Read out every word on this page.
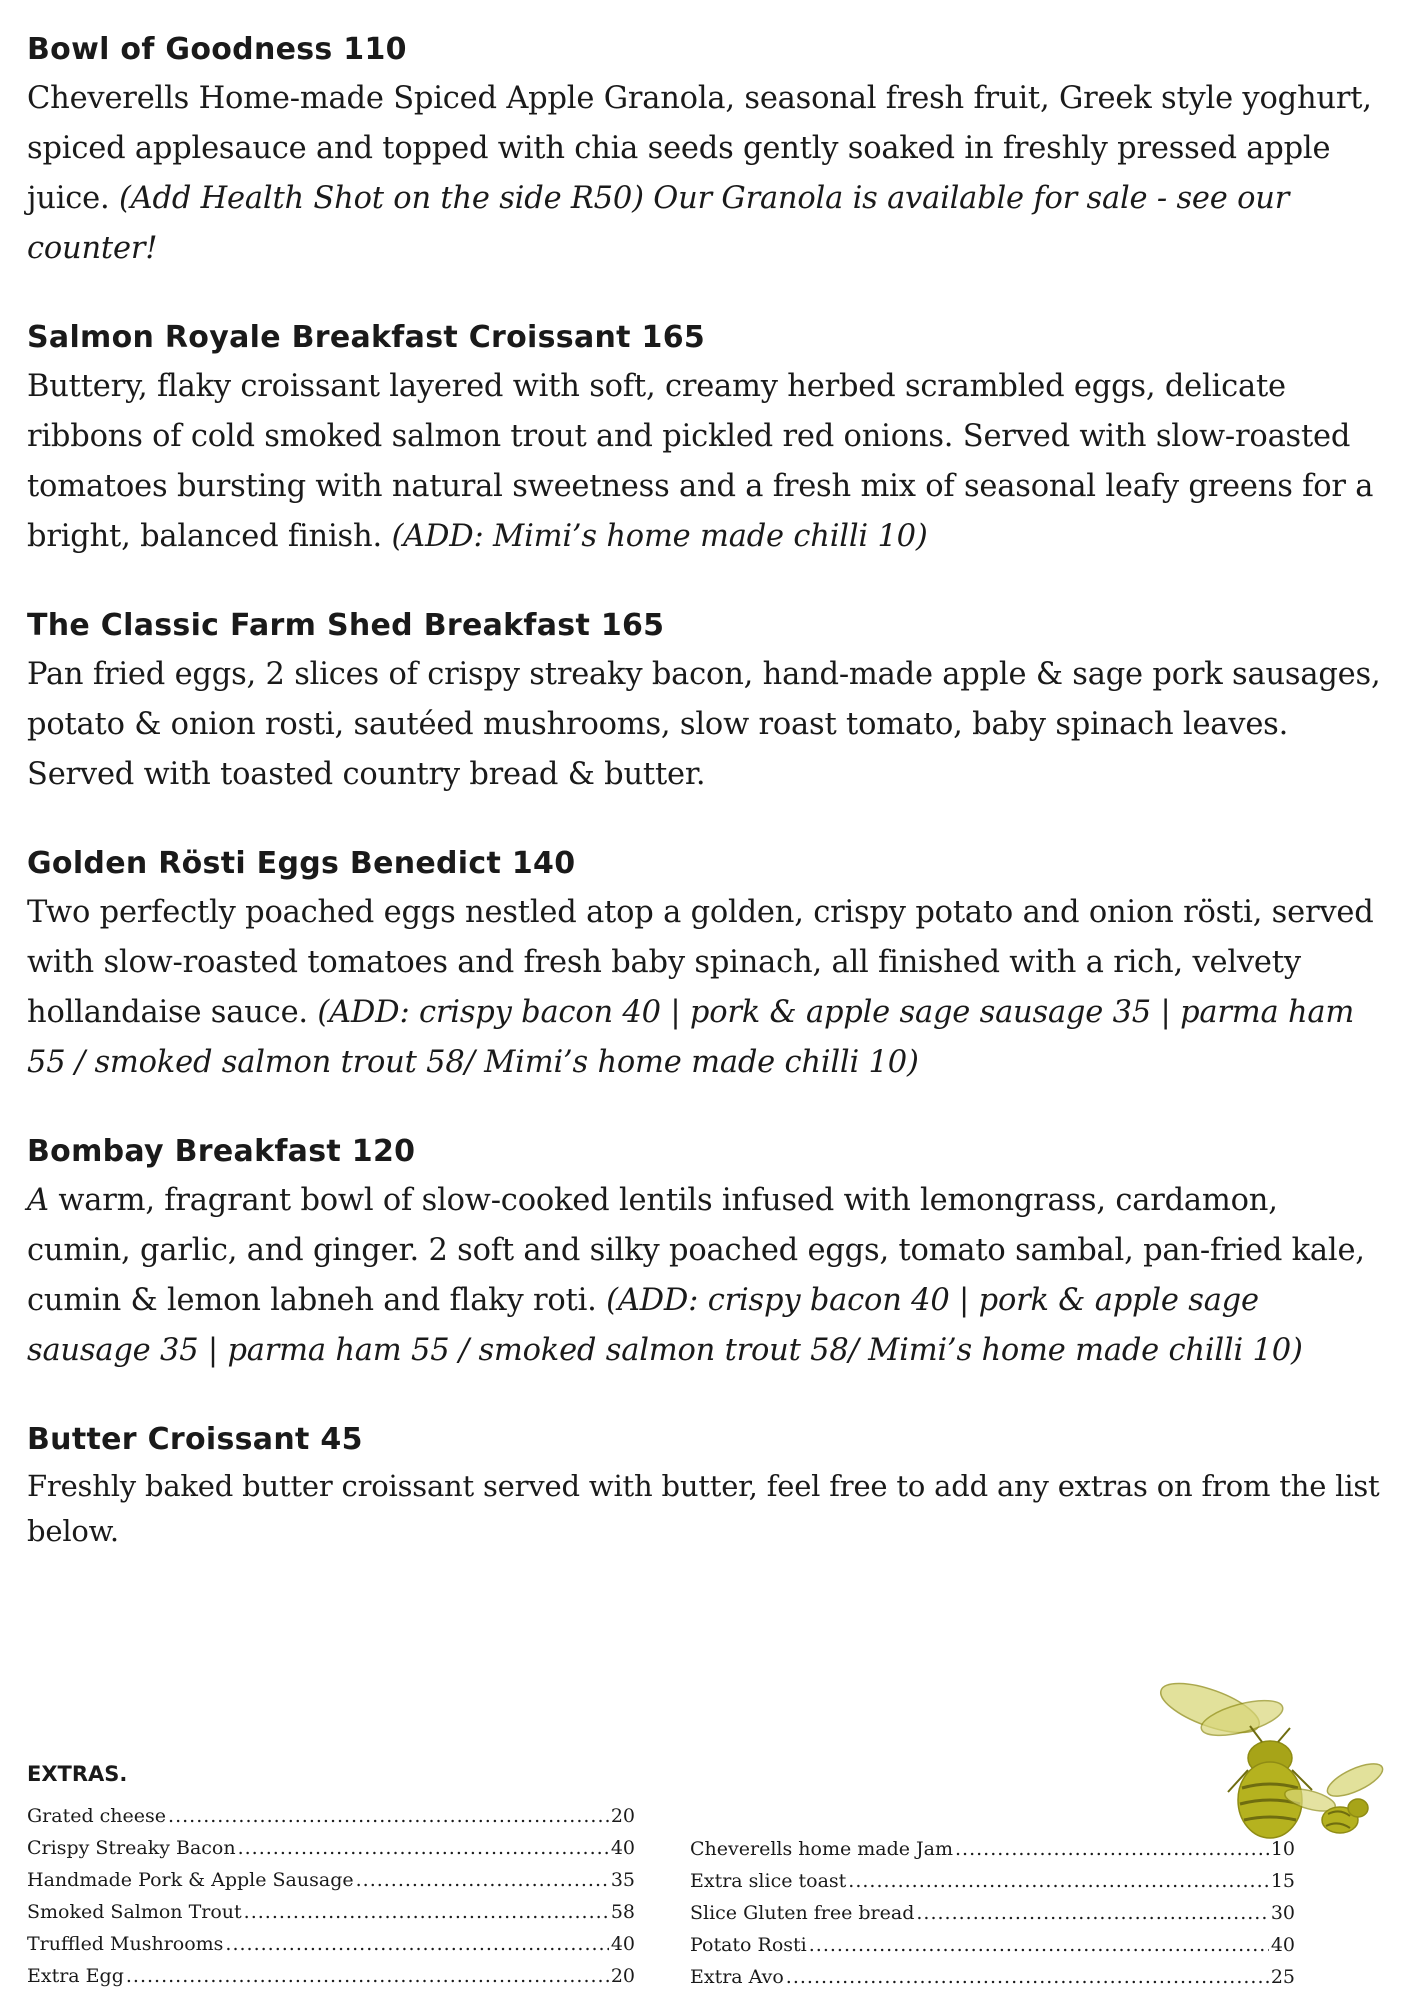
Bowl of Goodness 110

Cheverells Home-made Spiced Apple Granola, seasonal fresh fruit, Greek style yoghurt, spiced applesauce and topped with chia seeds gently soaked in freshly pressed apple juice. (Add Health Shot on the side R50) Our Granola is available for sale - see our counter!

Salmon Royale Breakfast Croissant 165

Buttery, flaky croissant layered with soft, creamy herbed scrambled eggs, delicate ribbons of cold smoked salmon trout and pickled red onions. Served with slow-roasted tomatoes bursting with natural sweetness and a fresh mix of seasonal leafy greens for a bright, balanced finish. (ADD: Mimi’s home made chilli 10)

The Classic Farm Shed Breakfast 165

Pan fried eggs, 2 slices of crispy streaky bacon, hand-made apple & sage pork sausages, potato & onion rosti, sautéed mushrooms, slow roast tomato, baby spinach leaves. Served with toasted country bread & butter.

Golden Rösti Eggs Benedict 140

Two perfectly poached eggs nestled atop a golden, crispy potato and onion rösti, served with slow-roasted tomatoes and fresh baby spinach, all finished with a rich, velvety hollandaise sauce. (ADD: crispy bacon 40 | pork & apple sage sausage 35 | parma ham 55 / smoked salmon trout 58/ Mimi’s home made chilli 10)

Bombay Breakfast 120

A warm, fragrant bowl of slow-cooked lentils infused with lemongrass, cardamon, cumin, garlic, and ginger. 2 soft and silky poached eggs, tomato sambal, pan-fried kale, cumin & lemon labneh and flaky roti. (ADD: crispy bacon 40 | pork & apple sage sausage 35 | parma ham 55 / smoked salmon trout 58/ Mimi’s home made chilli 10)

Butter Croissant 45

Freshly baked butter croissant served with butter, feel free to add any extras on from the list below.

EXTRAS.
Grated cheese .....	20
Crispy Streaky Bacon .....	40
Handmade Pork & Apple Sausage .....	35
Smoked Salmon Trout .....	58
Truffled Mushrooms .....	40
Extra Egg .....	20
Cheverells home made Jam .....	10
Extra slice toast .....	15
Slice Gluten free bread .....	30
Potato Rosti .....	40
Extra Avo .....	25
